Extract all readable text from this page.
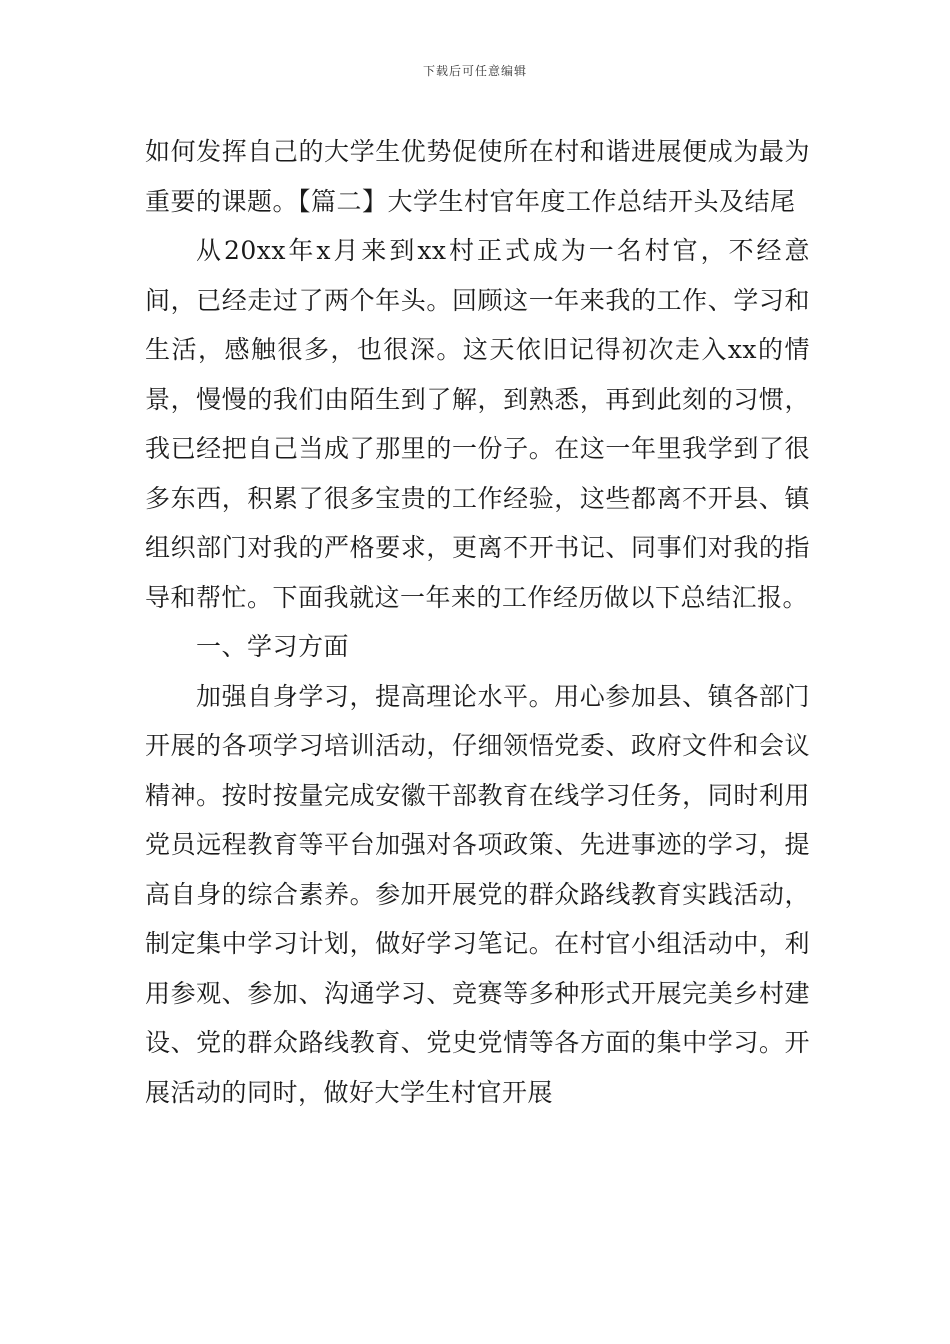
下载后可任意编辑

如何发挥自己的大学生优势促使所在村和谐进展便成为最为重要的课题。【篇二】大学生村官年度工作总结开头及结尾

从20xx年x月来到xx村正式成为一名村官，不经意间，已经走过了两个年头。回顾这一年来我的工作、学习和生活，感触很多，也很深。这天依旧记得初次走入xx的情景，慢慢的我们由陌生到了解，到熟悉，再到此刻的习惯，我已经把自己当成了那里的一份子。在这一年里我学到了很多东西，积累了很多宝贵的工作经验，这些都离不开县、镇组织部门对我的严格要求，更离不开书记、同事们对我的指导和帮忙。下面我就这一年来的工作经历做以下总结汇报。

一、学习方面

加强自身学习，提高理论水平。用心参加县、镇各部门开展的各项学习培训活动，仔细领悟党委、政府文件和会议精神。按时按量完成安徽干部教育在线学习任务，同时利用党员远程教育等平台加强对各项政策、先进事迹的学习，提高自身的综合素养。参加开展党的群众路线教育实践活动，制定集中学习计划，做好学习笔记。在村官小组活动中，利用参观、参加、沟通学习、竞赛等多种形式开展完美乡村建设、党的群众路线教育、党史党情等各方面的集中学习。开展活动的同时，做好大学生村官开展
